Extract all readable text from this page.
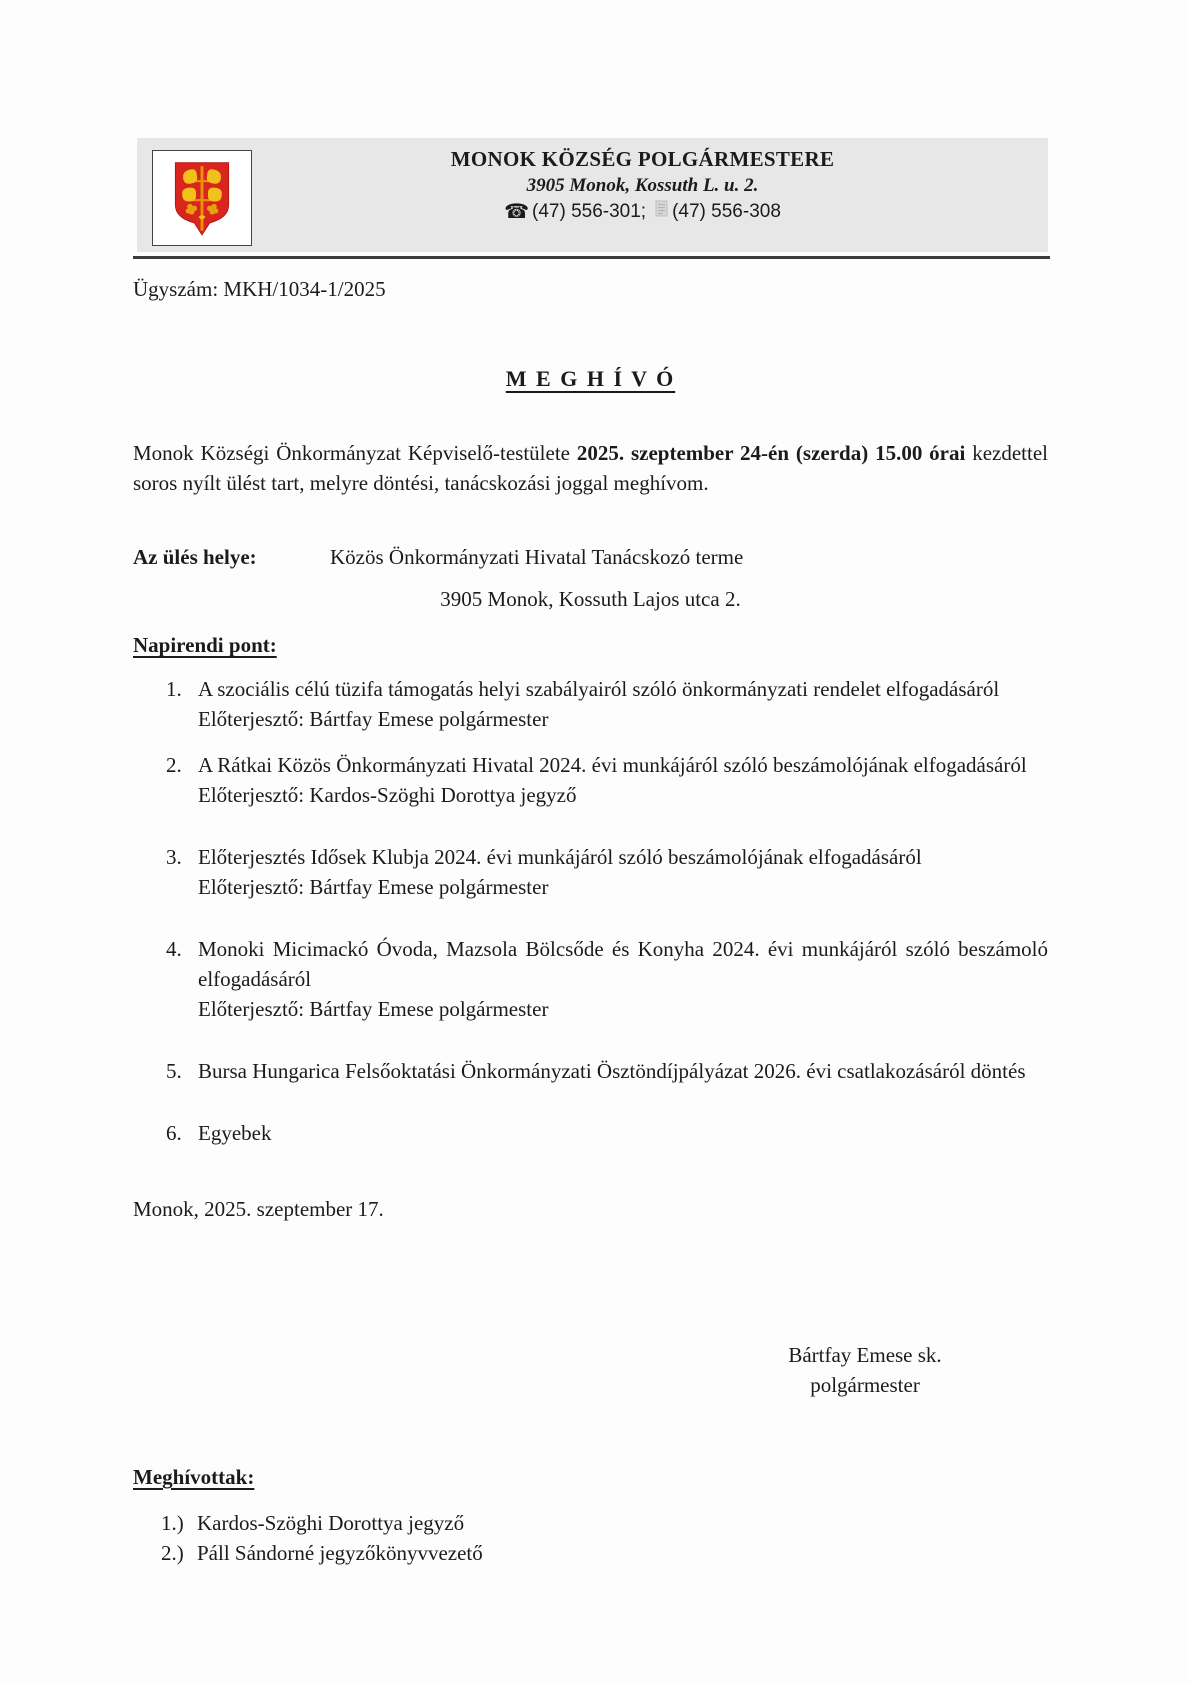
MONOK KÖZSÉG POLGÁRMESTERE
3905 Monok, Kossuth L. u. 2.
☎ (47) 556-301; (47) 556-308
Ügyszám: MKH/1034-1/2025
M E G H Í V Ó

Monok Községi Önkormányzat Képviselő-testülete 2025. szeptember 24-én (szerda) 15.00 órai kezdettel soros nyílt ülést tart, melyre döntési, tanácskozási joggal meghívom.

Az ülés helye:	Közös Önkormányzati Hivatal Tanácskozó terme
3905 Monok, Kossuth Lajos utca 2.
Napirendi pont:
1. A szociális célú tüzifa támogatás helyi szabályairól szóló önkormányzati rendelet elfogadásáról
Előterjesztő: Bártfay Emese polgármester
2. A Rátkai Közös Önkormányzati Hivatal 2024. évi munkájáról szóló beszámolójának elfogadásáról
Előterjesztő: Kardos-Szöghi Dorottya jegyző
3. Előterjesztés Idősek Klubja 2024. évi munkájáról szóló beszámolójának elfogadásáról
Előterjesztő: Bártfay Emese polgármester
4. Monoki Micimackó Óvoda, Mazsola Bölcsőde és Konyha 2024. évi munkájáról szóló beszámoló elfogadásáról
Előterjesztő: Bártfay Emese polgármester
5. Bursa Hungarica Felsőoktatási Önkormányzati Ösztöndíjpályázat 2026. évi csatlakozásáról döntés
6. Egyebek
Monok, 2025. szeptember 17.
Bártfay Emese sk.
polgármester
Meghívottak:
1.) Kardos-Szöghi Dorottya jegyző
2.) Páll Sándorné jegyzőkönyvvezető
